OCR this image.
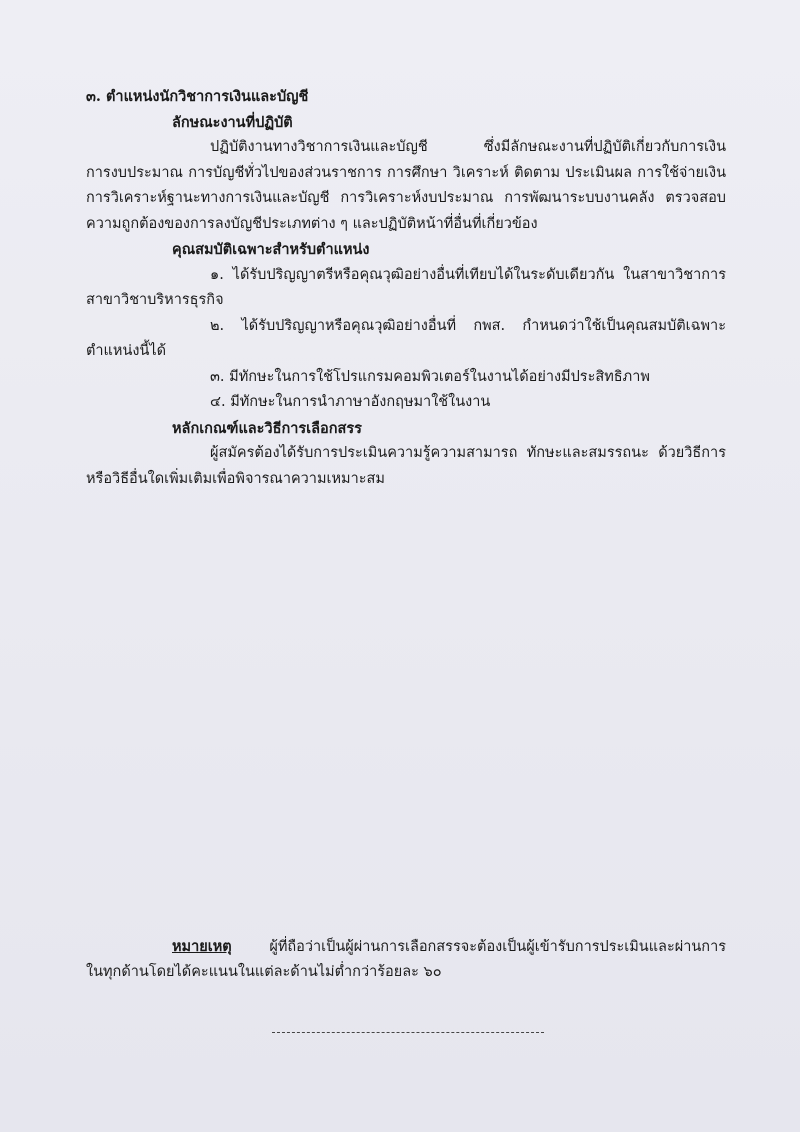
๓. ตำแหน่งนักวิชาการเงินและบัญชี
ลักษณะงานที่ปฏิบัติ
ปฏิบัติงานทางวิชาการเงินและบัญชี ซึ่งมีลักษณะงานที่ปฏิบัติเกี่ยวกับการเงิน
การงบประมาณ การบัญชีทั่วไปของส่วนราชการ การศึกษา วิเคราะห์ ติดตาม ประเมินผล การใช้จ่ายเงิน
การวิเคราะห์ฐานะทางการเงินและบัญชี การวิเคราะห์งบประมาณ การพัฒนาระบบงานคลัง ตรวจสอบ
ความถูกต้องของการลงบัญชีประเภทต่าง ๆ และปฏิบัติหน้าที่อื่นที่เกี่ยวข้อง
คุณสมบัติเฉพาะสำหรับตำแหน่ง
๑. ได้รับปริญญาตรีหรือคุณวุฒิอย่างอื่นที่เทียบได้ในระดับเดียวกัน ในสาขาวิชาการ
สาขาวิชาบริหารธุรกิจ
๒. ได้รับปริญญาหรือคุณวุฒิอย่างอื่นที่ กพส. กำหนดว่าใช้เป็นคุณสมบัติเฉพาะ
ตำแหน่งนี้ได้
๓. มีทักษะในการใช้โปรแกรมคอมพิวเตอร์ในงานได้อย่างมีประสิทธิภาพ
๔. มีทักษะในการนำภาษาอังกฤษมาใช้ในงาน
หลักเกณฑ์และวิธีการเลือกสรร
ผู้สมัครต้องได้รับการประเมินความรู้ความสามารถ ทักษะและสมรรถนะ ด้วยวิธีการ
หรือวิธีอื่นใดเพิ่มเติมเพื่อพิจารณาความเหมาะสม
หมายเหตุ	ผู้ที่ถือว่าเป็นผู้ผ่านการเลือกสรรจะต้องเป็นผู้เข้ารับการประเมินและผ่านการ
ในทุกด้านโดยได้คะแนนในแต่ละด้านไม่ต่ำกว่าร้อยละ ๖๐
